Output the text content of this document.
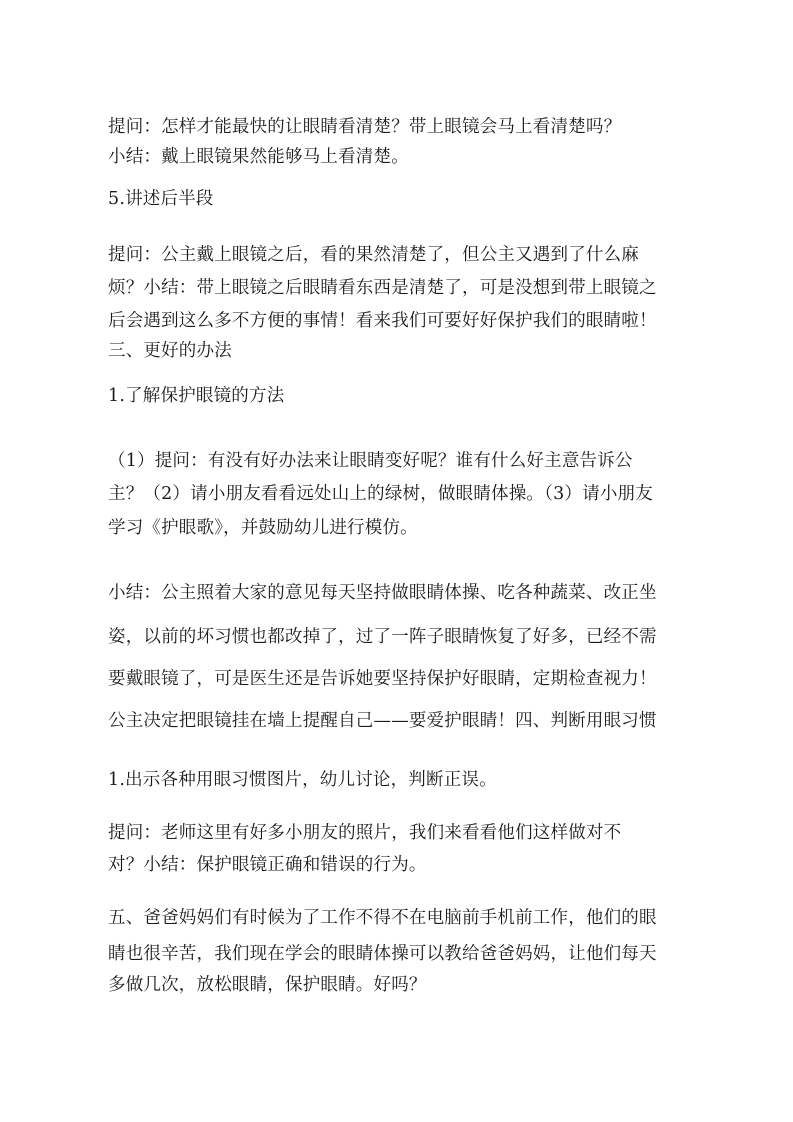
提问：怎样才能最快的让眼睛看清楚？带上眼镜会马上看清楚吗？
小结：戴上眼镜果然能够马上看清楚。
5.讲述后半段
提问：公主戴上眼镜之后，看的果然清楚了，但公主又遇到了什么麻
烦？小结：带上眼镜之后眼睛看东西是清楚了，可是没想到带上眼镜之
后会遇到这么多不方便的事情！看来我们可要好好保护我们的眼睛啦！
三、更好的办法
1.了解保护眼镜的方法
（1）提问：有没有好办法来让眼睛变好呢？谁有什么好主意告诉公
主？（2）请小朋友看看远处山上的绿树，做眼睛体操。（3）请小朋友
学习《护眼歌》，并鼓励幼儿进行模仿。
小结：公主照着大家的意见每天坚持做眼睛体操、吃各种蔬菜、改正坐
姿，以前的坏习惯也都改掉了，过了一阵子眼睛恢复了好多，已经不需
要戴眼镜了，可是医生还是告诉她要坚持保护好眼睛，定期检查视力！
公主决定把眼镜挂在墙上提醒自己——要爱护眼睛！四、判断用眼习惯
1.出示各种用眼习惯图片，幼儿讨论，判断正误。
提问：老师这里有好多小朋友的照片，我们来看看他们这样做对不
对？小结：保护眼镜正确和错误的行为。
五、爸爸妈妈们有时候为了工作不得不在电脑前手机前工作，他们的眼
睛也很辛苦，我们现在学会的眼睛体操可以教给爸爸妈妈，让他们每天
多做几次，放松眼睛，保护眼睛。好吗？
